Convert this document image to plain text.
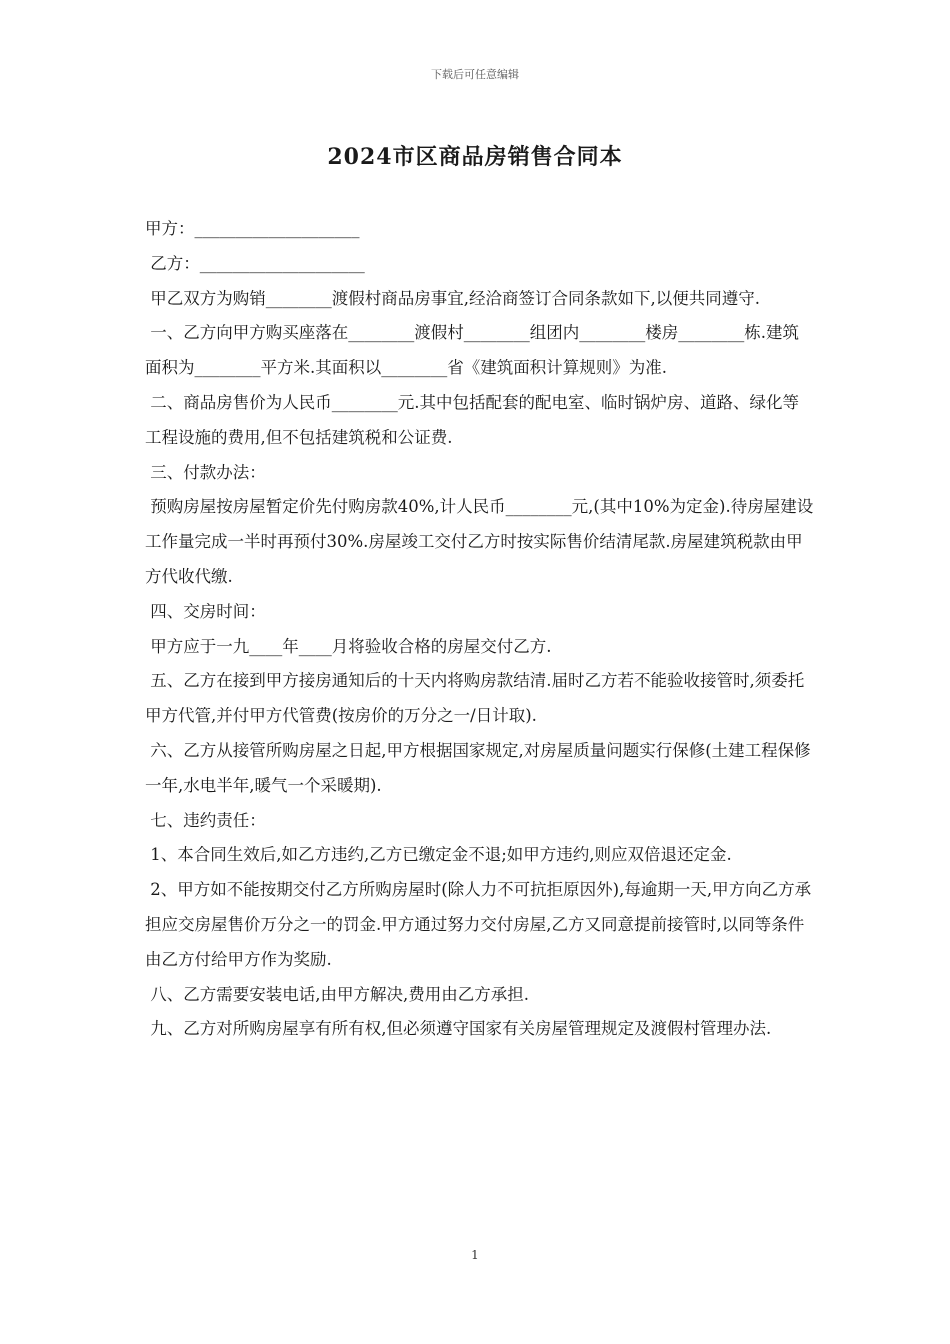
下载后可任意编辑
2024市区商品房销售合同本

甲方：____________________

乙方：____________________

甲乙双方为购销________渡假村商品房事宜,经洽商签订合同条款如下,以便共同遵守.

一、乙方向甲方购买座落在________渡假村________组团内________楼房________栋.建筑面积为________平方米.其面积以________省《建筑面积计算规则》为准.

二、商品房售价为人民币________元.其中包括配套的配电室、临时锅炉房、道路、绿化等工程设施的费用,但不包括建筑税和公证费.

三、付款办法：

预购房屋按房屋暂定价先付购房款40%,计人民币________元,(其中10%为定金).待房屋建设工作量完成一半时再预付30%.房屋竣工交付乙方时按实际售价结清尾款.房屋建筑税款由甲方代收代缴.

四、交房时间：

甲方应于一九____年____月将验收合格的房屋交付乙方.

五、乙方在接到甲方接房通知后的十天内将购房款结清.届时乙方若不能验收接管时,须委托甲方代管,并付甲方代管费(按房价的万分之一/日计取).

六、乙方从接管所购房屋之日起,甲方根据国家规定,对房屋质量问题实行保修(土建工程保修一年,水电半年,暖气一个采暖期).

七、违约责任：

1、本合同生效后,如乙方违约,乙方已缴定金不退;如甲方违约,则应双倍退还定金.

2、甲方如不能按期交付乙方所购房屋时(除人力不可抗拒原因外),每逾期一天,甲方向乙方承担应交房屋售价万分之一的罚金.甲方通过努力交付房屋,乙方又同意提前接管时,以同等条件由乙方付给甲方作为奖励.

八、乙方需要安装电话,由甲方解决,费用由乙方承担.

九、乙方对所购房屋享有所有权,但必须遵守国家有关房屋管理规定及渡假村管理办法.

1
